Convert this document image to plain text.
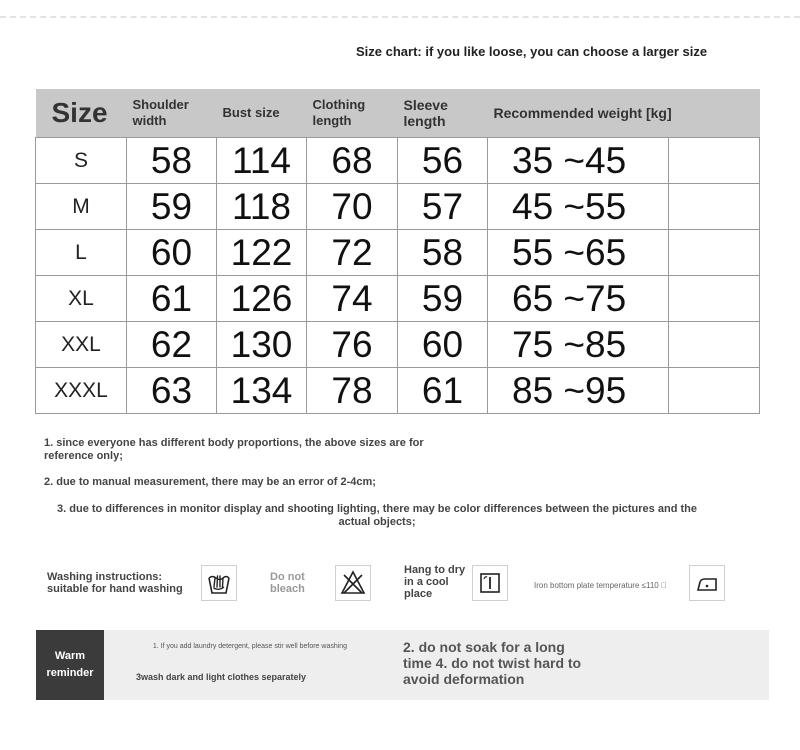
Size chart: if you like loose, you can choose a larger size
Size	Shoulder width	Bust size	Clothing length	Sleeve length	Recommended weight [kg]	
S	58	114	68	56	35 ~45	
M	59	118	70	57	45 ~55	
L	60	122	72	58	55 ~65	
XL	61	126	74	59	65 ~75	
XXL	62	130	76	60	75 ~85	
XXXL	63	134	78	61	85 ~95	
1. since everyone has different body proportions, the above sizes are for reference only;
2. due to manual measurement, there may be an error of 2-4cm;
3. due to differences in monitor display and shooting lighting, there may be color differences between the pictures and the actual objects;
Washing instructions: suitable for hand washing
Do not bleach
Hang to dry in a cool place
Iron bottom plate temperature ≤110 ⃞
Warm reminder
1. If you add laundry detergent, please stir well before washing
3wash dark and light clothes separately
2. do not soak for a long time 4. do not twist hard to avoid deformation
